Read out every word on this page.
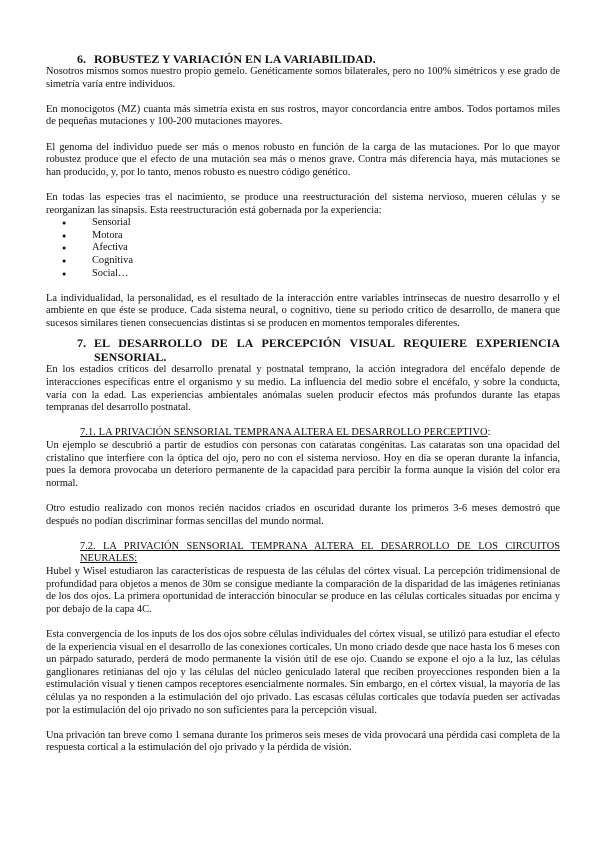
6. ROBUSTEZ Y VARIACIÓN EN LA VARIABILIDAD.

Nosotros mismos somos nuestro propio gemelo. Genéticamente somos bilaterales, pero no 100% simétricos y ese grado de simetría varía entre individuos.

En monocigotos (MZ) cuanta más simetría exista en sus rostros, mayor concordancia entre ambos. Todos portamos miles de pequeñas mutaciones y 100-200 mutaciones mayores.

El genoma del individuo puede ser más o menos robusto en función de la carga de las mutaciones. Por lo que mayor robustez produce que el efecto de una mutación sea más o menos grave. Contra más diferencia haya, más mutaciones se han producido, y, por lo tanto, menos robusto es nuestro código genético.

En todas las especies tras el nacimiento, se produce una reestructuración del sistema nervioso, mueren células y se reorganizan las sinapsis. Esta reestructuración está gobernada por la experiencia:

● Sensorial
● Motora
● Afectiva
● Cognitiva
● Social…

La individualidad, la personalidad, es el resultado de la interacción entre variables intrínsecas de nuestro desarrollo y el ambiente en que éste se produce. Cada sistema neural, o cognitivo, tiene su periodo crítico de desarrollo, de manera que sucesos similares tienen consecuencias distintas si se producen en momentos temporales diferentes.

7. EL DESARROLLO DE LA PERCEPCIÓN VISUAL REQUIERE EXPERIENCIA SENSORIAL.

En los estadios críticos del desarrollo prenatal y postnatal temprano, la acción integradora del encéfalo depende de interacciones específicas entre el organismo y su medio. La influencia del medio sobre el encéfalo, y sobre la conducta, varía con la edad. Las experiencias ambientales anómalas suelen producir efectos más profundos durante las etapas tempranas del desarrollo postnatal.

7.1. LA PRIVACIÓN SENSORIAL TEMPRANA ALTERA EL DESARROLLO PERCEPTIVO:

Un ejemplo se descubrió a partir de estudios con personas con cataratas congénitas. Las cataratas son una opacidad del cristalino que interfiere con la óptica del ojo, pero no con el sistema nervioso. Hoy en día se operan durante la infancia, pues la demora provocaba un deterioro permanente de la capacidad para percibir la forma aunque la visión del color era normal.

Otro estudio realizado con monos recién nacidos criados en oscuridad durante los primeros 3-6 meses demostró que después no podían discriminar formas sencillas del mundo normal.

7.2. LA PRIVACIÓN SENSORIAL TEMPRANA ALTERA EL DESARROLLO DE LOS CIRCUITOS NEURALES:

Hubel y Wisel estudiaron las características de respuesta de las células del córtex visual. La percepción tridimensional de profundidad para objetos a menos de 30m se consigue mediante la comparación de la disparidad de las imágenes retinianas de los dos ojos. La primera oportunidad de interacción binocular se produce en las células corticales situadas por encima y por debajo de la capa 4C.

Esta convergencia de los inputs de los dos ojos sobre células individuales del córtex visual, se utilizó para estudiar el efecto de la experiencia visual en el desarrollo de las conexiones corticales. Un mono criado desde que nace hasta los 6 meses con un párpado saturado, perderá de modo permanente la visión útil de ese ojo. Cuando se expone el ojo a la luz, las células ganglionares retinianas del ojo y las células del núcleo geniculado lateral que reciben proyecciones responden bien a la estimulación visual y tienen campos receptores esencialmente normales. Sin embargo, en el córtex visual, la mayoría de las células ya no responden a la estimulación del ojo privado. Las escasas células corticales que todavía pueden ser activadas por la estimulación del ojo privado no son suficientes para la percepción visual.

Una privación tan breve como 1 semana durante los primeros seis meses de vida provocará una pérdida casi completa de la respuesta cortical a la estimulación del ojo privado y la pérdida de visión.
